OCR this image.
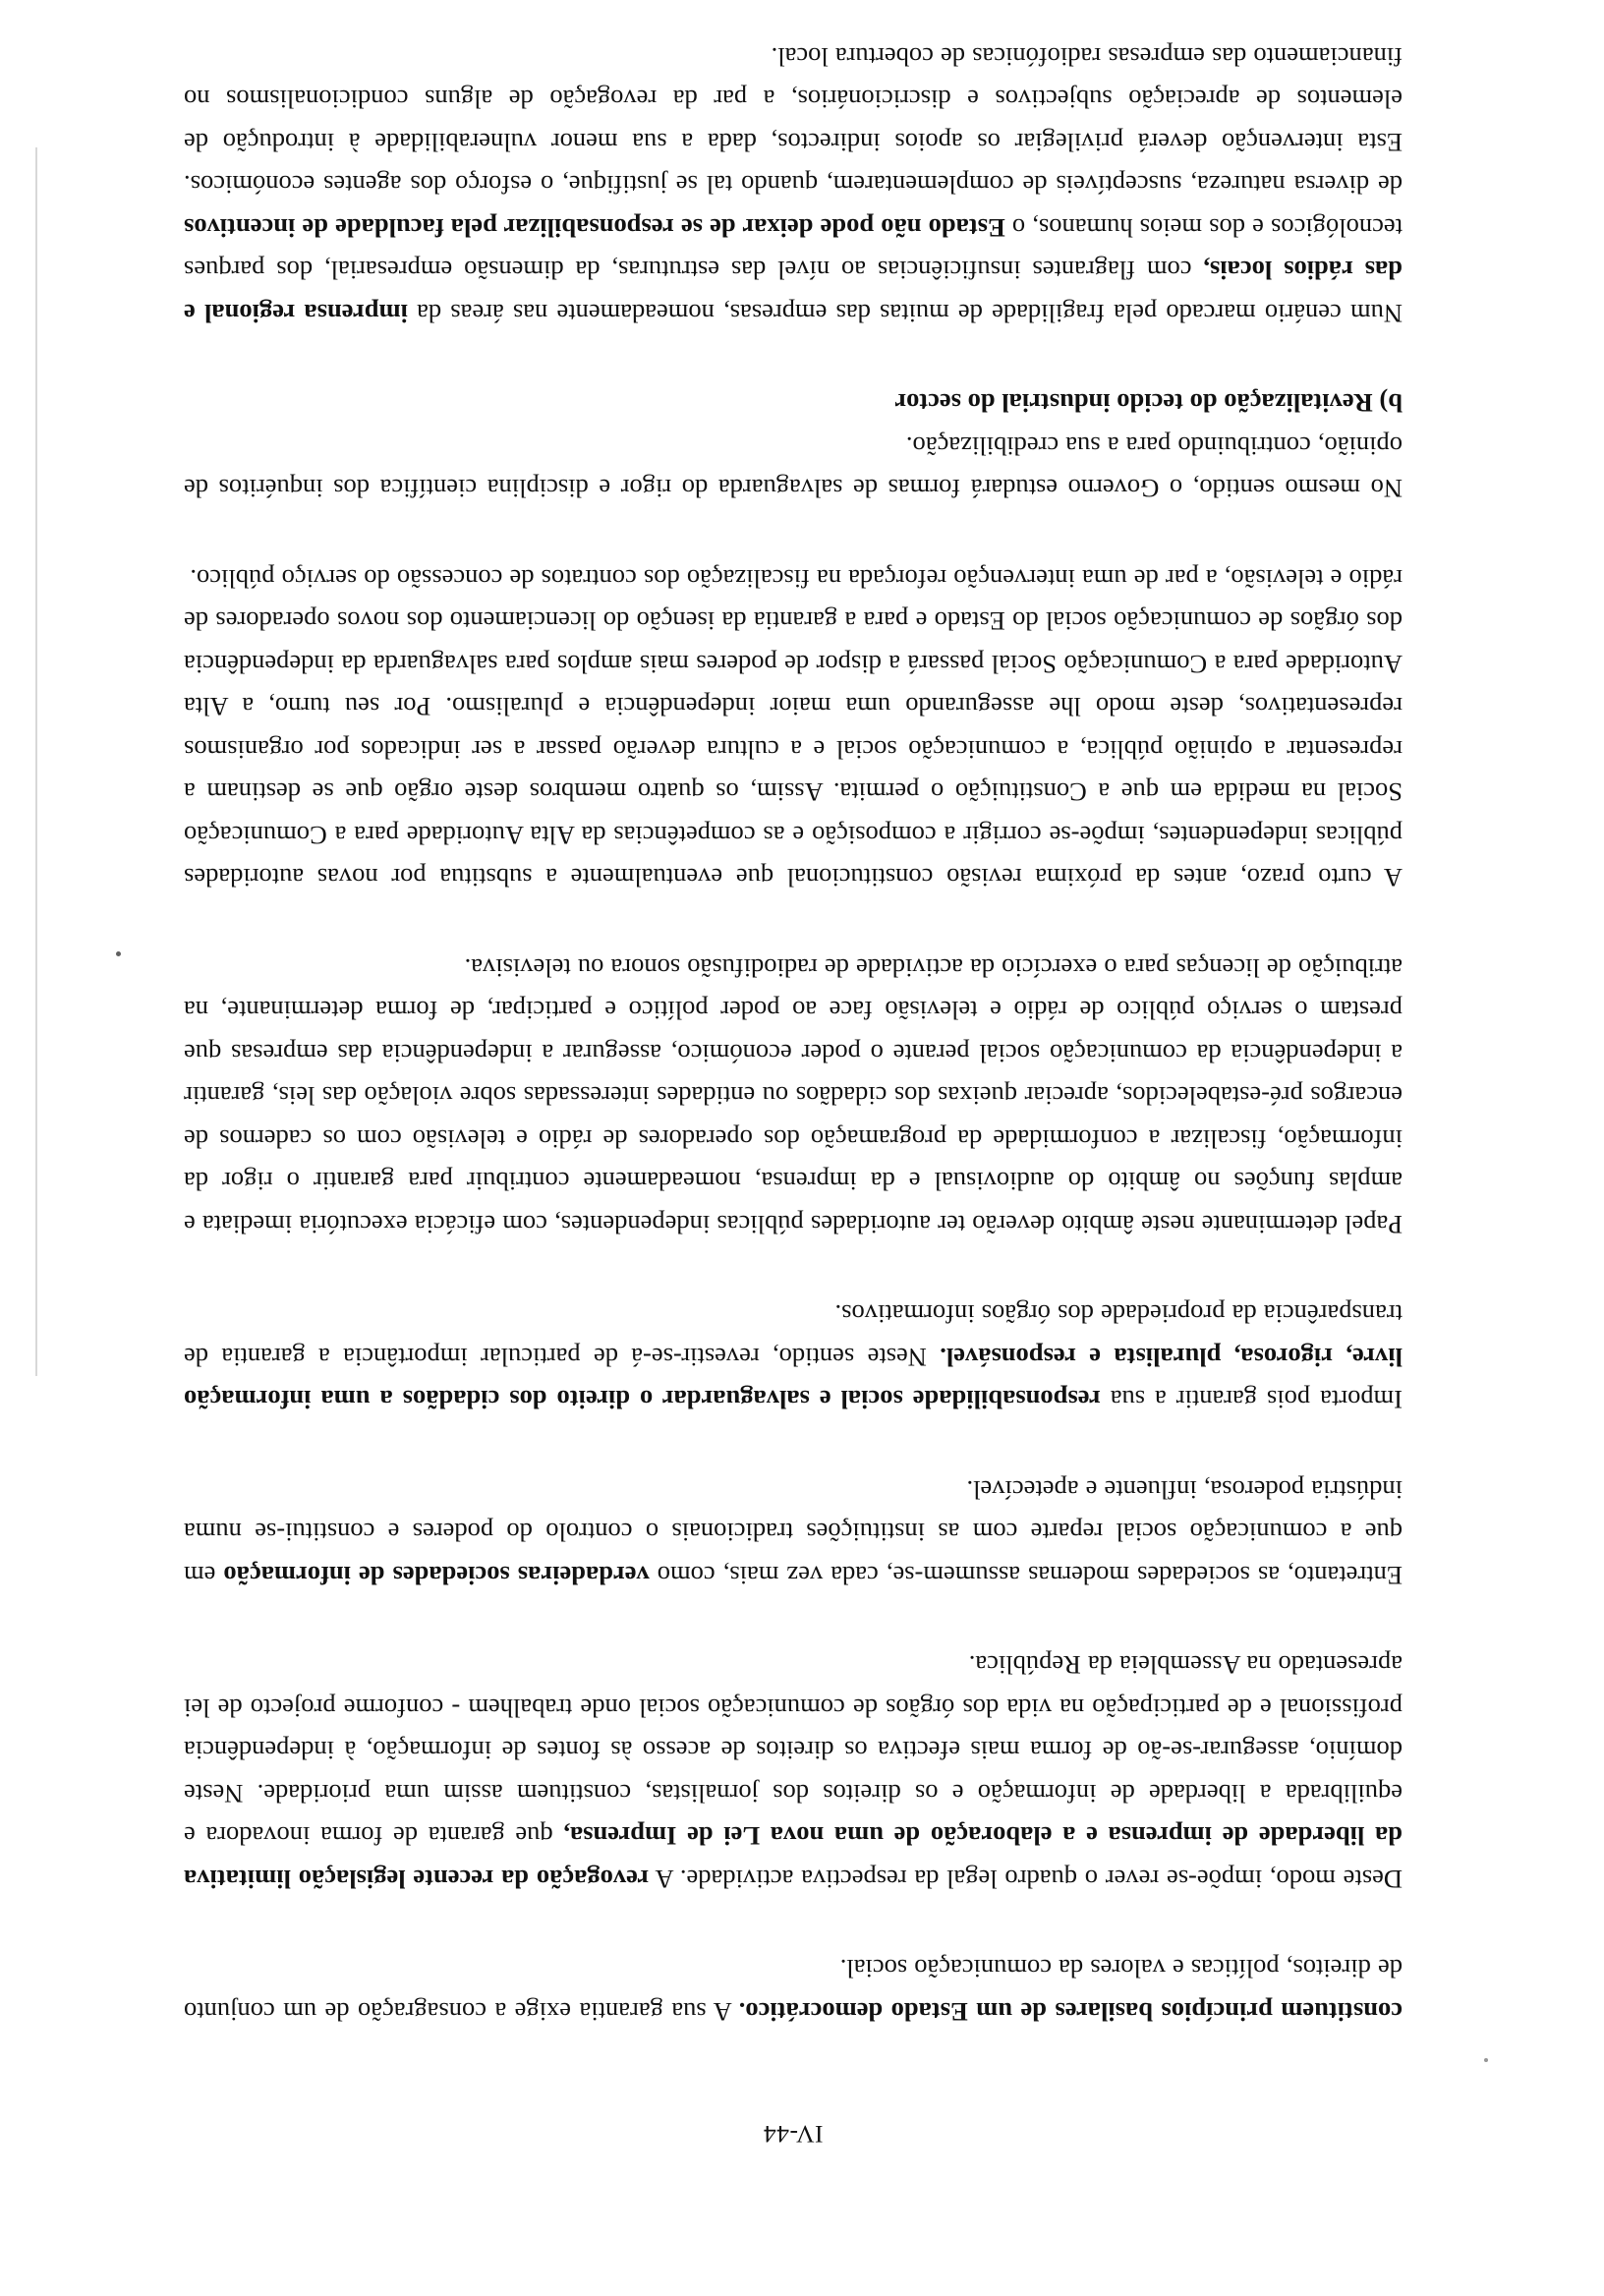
IV-44

constituem princípios basilares de um Estado democrático. A sua garantia exige a consagração de um conjunto de direitos, políticas e valores da comunicação social.

Deste modo, impõe-se rever o quadro legal da respectiva actividade. A revogação da recente legislação limitativa da liberdade de imprensa e a elaboração de uma nova Lei de Imprensa, que garanta de forma inovadora e equilibrada a liberdade de informação e os direitos dos jornalistas, constituem assim uma prioridade. Neste domínio, assegurar-se-ão de forma mais efectiva os direitos de acesso às fontes de informação, à independência profissional e de participação na vida dos órgãos de comunicação social onde trabalhem - conforme projecto de lei apresentado na Assembleia da República.

Entretanto, as sociedades modernas assumem-se, cada vez mais, como verdadeiras sociedades de informação em que a comunicação social reparte com as instituições tradicionais o controlo do poderes e constitui-se numa indústria poderosa, influente e apetecível.

Importa pois garantir a sua responsabilidade social e salvaguardar o direito dos cidadãos a uma informação livre, rigorosa, pluralista e responsável. Neste sentido, revestir-se-á de particular importância a garantia de transparência da propriedade dos órgãos informativos.

Papel determinante neste âmbito deverão ter autoridades públicas independentes, com eficácia executória imediata e amplas funções no âmbito do audiovisual e da imprensa, nomeadamente contribuir para garantir o rigor da informação, fiscalizar a conformidade da programação dos operadores de rádio e televisão com os cadernos de encargos pré-estabelecidos, apreciar queixas dos cidadãos ou entidades interessadas sobre violação das leis, garantir a independência da comunicação social perante o poder económico, assegurar a independência das empresas que prestam o serviço público de rádio e televisão face ao poder político e participar, de forma determinante, na atribuição de licenças para o exercício da actividade de radiodifusão sonora ou televisiva.

A curto prazo, antes da próxima revisão constitucional que eventualmente a substitua por novas autoridades públicas independentes, impõe-se corrigir a composição e as competências da Alta Autoridade para a Comunicação Social na medida em que a Constituição o permita. Assim, os quatro membros deste orgão que se destinam a representar a opinião pública, a comunicação social e a cultura deverão passar a ser indicados por organismos representativos, deste modo lhe assegurando uma maior independência e pluralismo. Por seu turno, a Alta Autoridade para a Comunicação Social passará a dispor de poderes mais amplos para salvaguarda da independência dos órgãos de comunicação social do Estado e para a garantia da isenção do licenciamento dos novos operadores de rádio e televisão, a par de uma intervenção reforçada na fiscalização dos contratos de concessão do serviço público.

No mesmo sentido, o Governo estudará formas de salvaguarda do rigor e disciplina científica dos inquéritos de opinião, contribuindo para a sua credibilização.

b) Revitalização do tecido industrial do sector

Num cenário marcado pela fragilidade de muitas das empresas, nomeadamente nas áreas da imprensa regional e das rádios locais, com flagrantes insuficiências ao nível das estruturas, da dimensão empresarial, dos parques tecnológicos e dos meios humanos, o Estado não pode deixar de se responsabilizar pela faculdade de incentivos de diversa natureza, susceptíveis de complementarem, quando tal se justifique, o esforço dos agentes económicos. Esta intervenção deverá privilegiar os apoios indirectos, dada a sua menor vulnerabilidade à introdução de elementos de apreciação subjectivos e discricionários, a par da revogação de alguns condicionalismos no financiamento das empresas radiofónicas de cobertura local.
